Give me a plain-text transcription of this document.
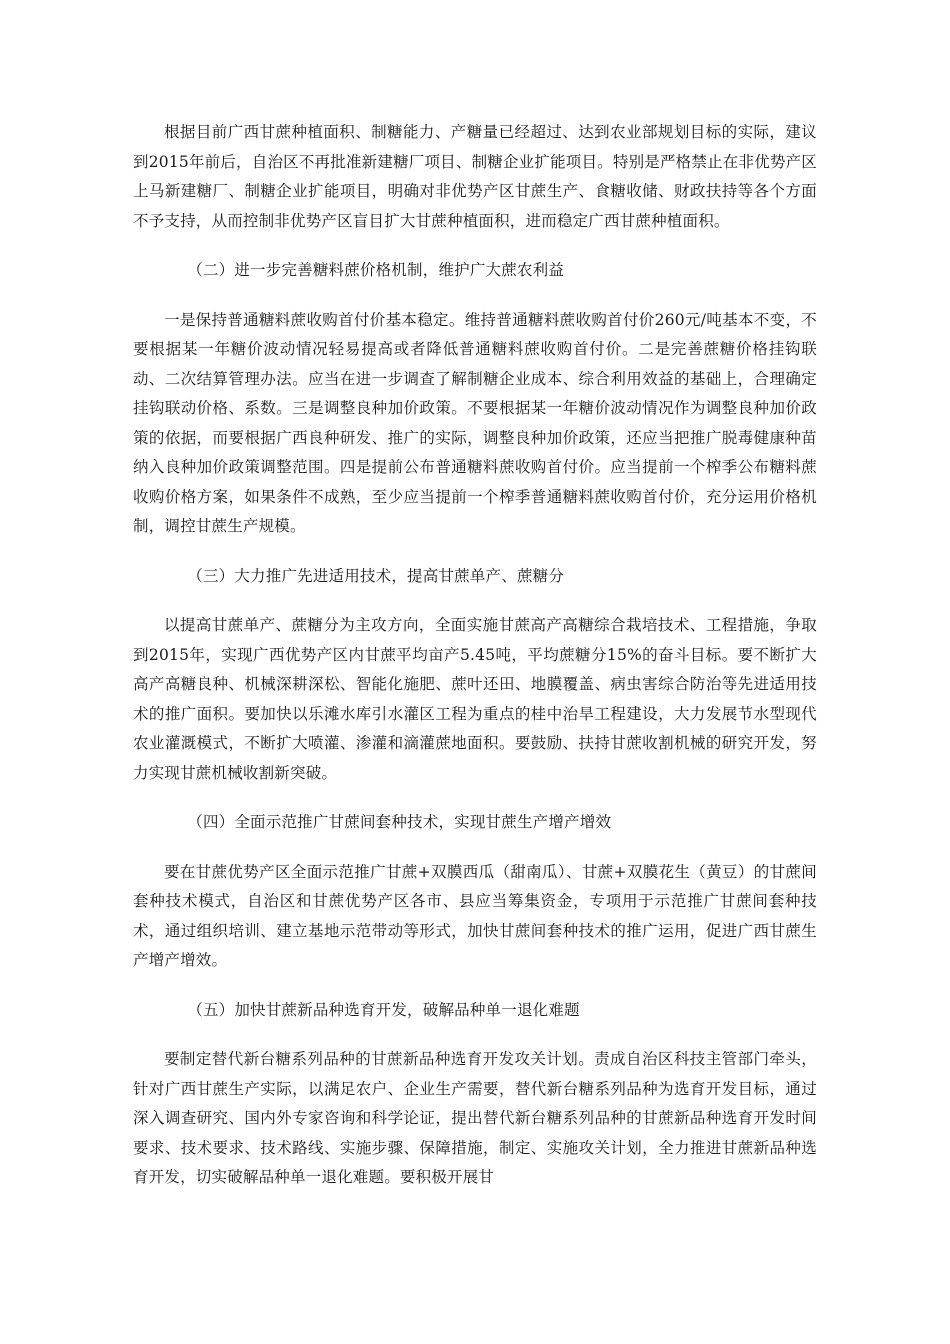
根据目前广西甘蔗种植面积、制糖能力、产糖量已经超过、达到农业部规划目标的实际，建议到2015年前后，自治区不再批准新建糖厂项目、制糖企业扩能项目。特别是严格禁止在非优势产区上马新建糖厂、制糖企业扩能项目，明确对非优势产区甘蔗生产、食糖收储、财政扶持等各个方面不予支持，从而控制非优势产区盲目扩大甘蔗种植面积，进而稳定广西甘蔗种植面积。

（二）进一步完善糖料蔗价格机制，维护广大蔗农利益

一是保持普通糖料蔗收购首付价基本稳定。维持普通糖料蔗收购首付价260元/吨基本不变，不要根据某一年糖价波动情况轻易提高或者降低普通糖料蔗收购首付价。二是完善蔗糖价格挂钩联动、二次结算管理办法。应当在进一步调查了解制糖企业成本、综合利用效益的基础上，合理确定挂钩联动价格、系数。三是调整良种加价政策。不要根据某一年糖价波动情况作为调整良种加价政策的依据，而要根据广西良种研发、推广的实际，调整良种加价政策，还应当把推广脱毒健康种苗纳入良种加价政策调整范围。四是提前公布普通糖料蔗收购首付价。应当提前一个榨季公布糖料蔗收购价格方案，如果条件不成熟，至少应当提前一个榨季普通糖料蔗收购首付价，充分运用价格机制，调控甘蔗生产规模。

（三）大力推广先进适用技术，提高甘蔗单产、蔗糖分

以提高甘蔗单产、蔗糖分为主攻方向，全面实施甘蔗高产高糖综合栽培技术、工程措施，争取到2015年，实现广西优势产区内甘蔗平均亩产5.45吨，平均蔗糖分15%的奋斗目标。要不断扩大高产高糖良种、机械深耕深松、智能化施肥、蔗叶还田、地膜覆盖、病虫害综合防治等先进适用技术的推广面积。要加快以乐滩水库引水灌区工程为重点的桂中治旱工程建设，大力发展节水型现代农业灌溉模式，不断扩大喷灌、渗灌和滴灌蔗地面积。要鼓励、扶持甘蔗收割机械的研究开发，努力实现甘蔗机械收割新突破。

（四）全面示范推广甘蔗间套种技术，实现甘蔗生产增产增效

要在甘蔗优势产区全面示范推广甘蔗+双膜西瓜（甜南瓜）、甘蔗+双膜花生（黄豆）的甘蔗间套种技术模式，自治区和甘蔗优势产区各市、县应当筹集资金，专项用于示范推广甘蔗间套种技术，通过组织培训、建立基地示范带动等形式，加快甘蔗间套种技术的推广运用，促进广西甘蔗生产增产增效。

（五）加快甘蔗新品种选育开发，破解品种单一退化难题

要制定替代新台糖系列品种的甘蔗新品种选育开发攻关计划。责成自治区科技主管部门牵头，针对广西甘蔗生产实际，以满足农户、企业生产需要，替代新台糖系列品种为选育开发目标，通过深入调查研究、国内外专家咨询和科学论证，提出替代新台糖系列品种的甘蔗新品种选育开发时间要求、技术要求、技术路线、实施步骤、保障措施，制定、实施攻关计划，全力推进甘蔗新品种选育开发，切实破解品种单一退化难题。要积极开展甘
